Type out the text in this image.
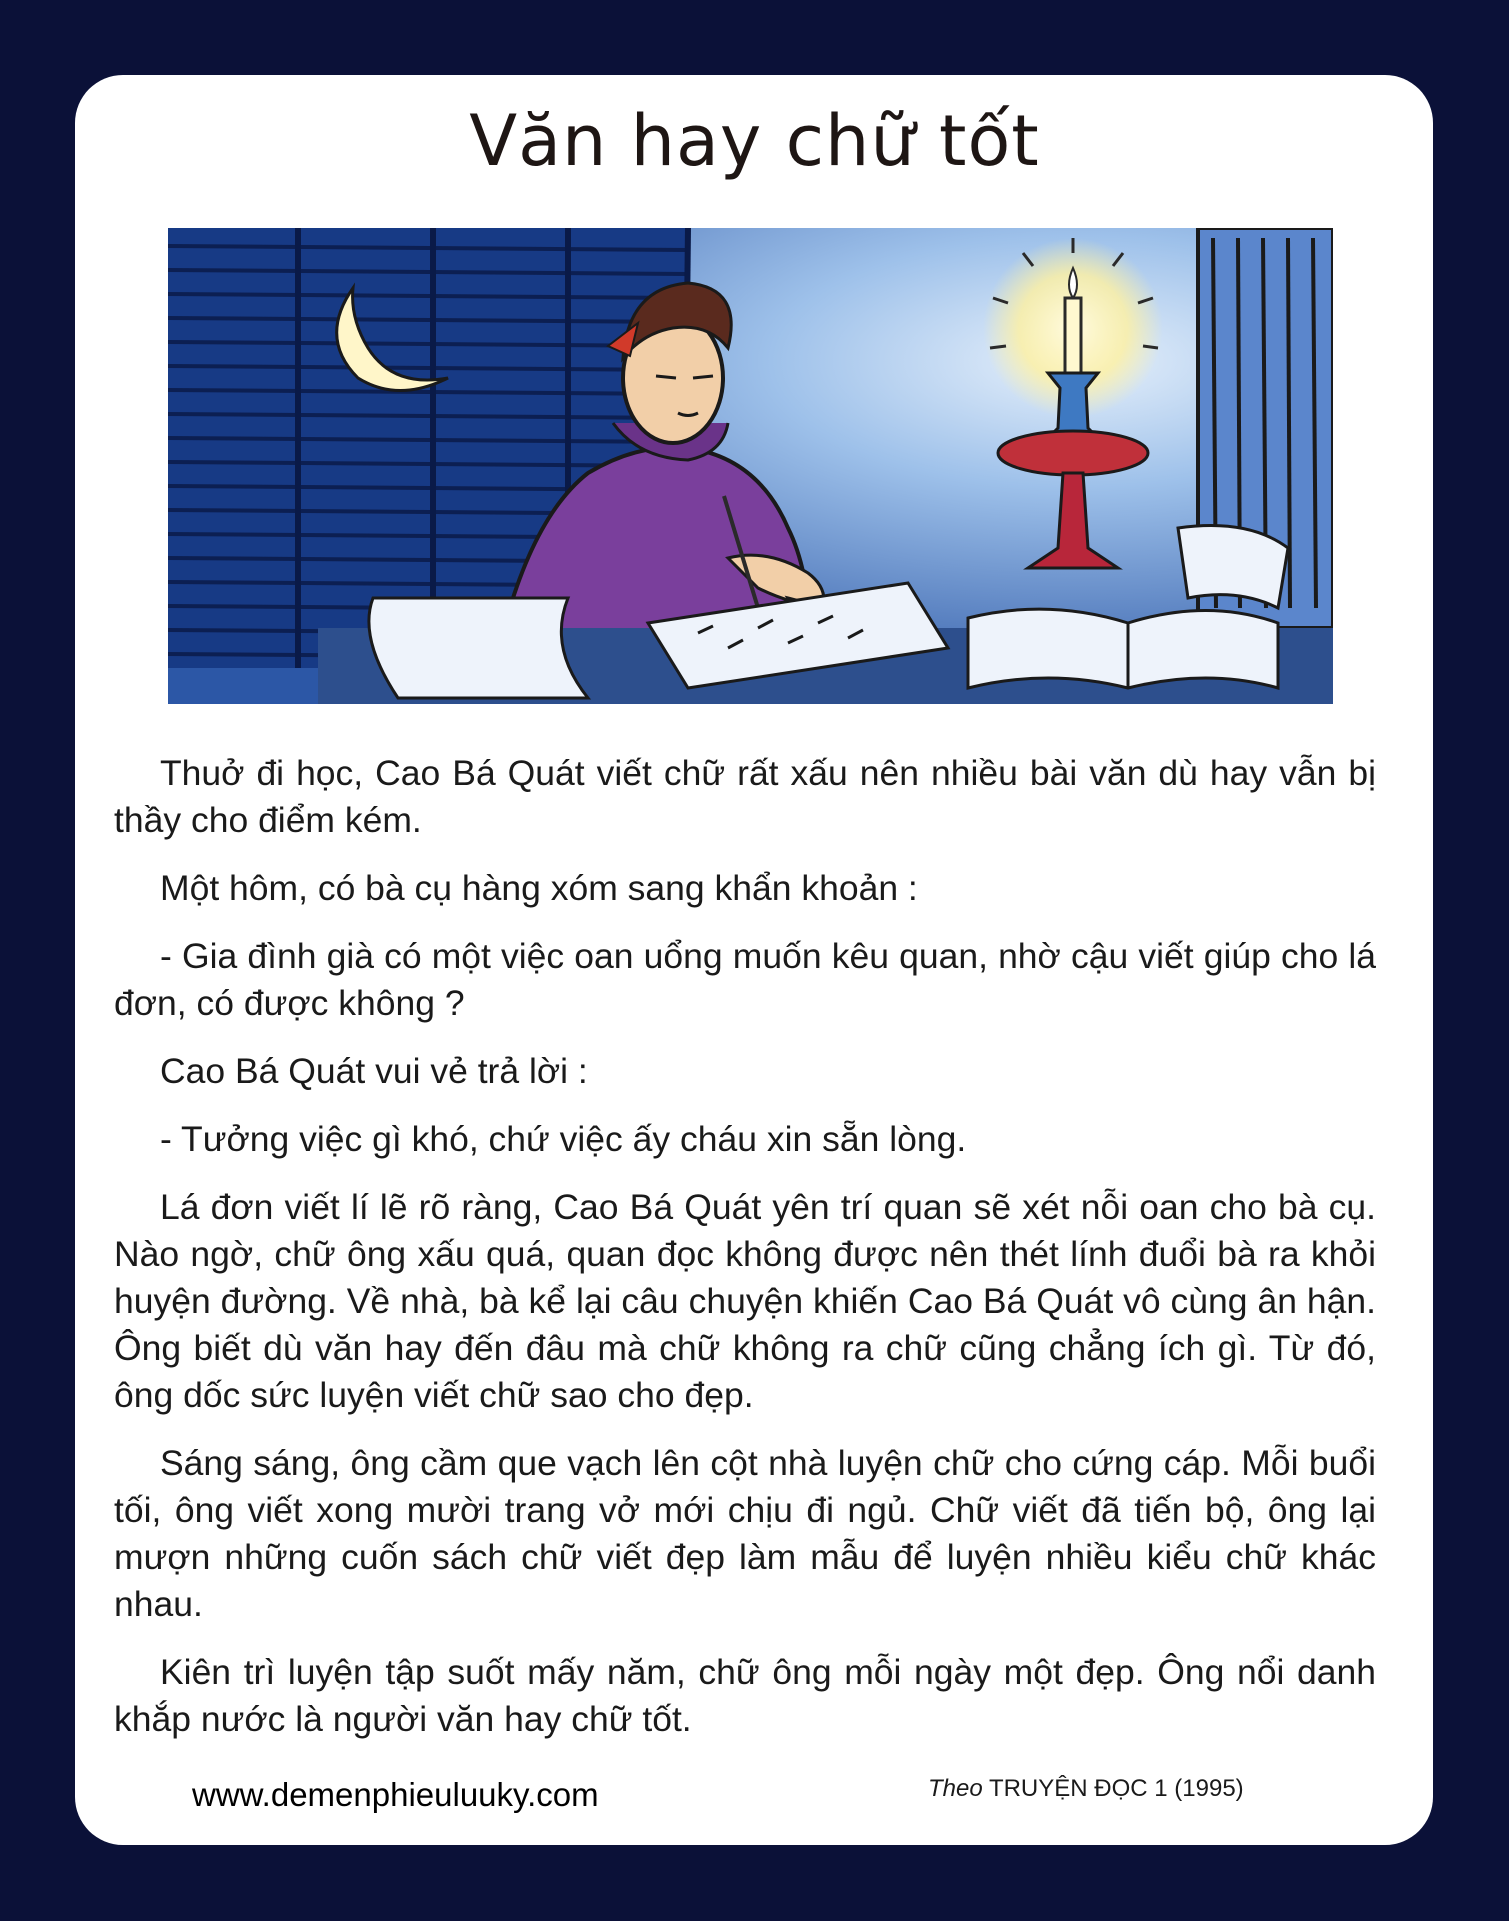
Văn hay chữ tốt

Thuở đi học, Cao Bá Quát viết chữ rất xấu nên nhiều bài văn dù hay vẫn bị thầy cho điểm kém.

Một hôm, có bà cụ hàng xóm sang khẩn khoản :

- Gia đình già có một việc oan uổng muốn kêu quan, nhờ cậu viết giúp cho lá đơn, có được không ?

Cao Bá Quát vui vẻ trả lời :

- Tưởng việc gì khó, chứ việc ấy cháu xin sẵn lòng.

Lá đơn viết lí lẽ rõ ràng, Cao Bá Quát yên trí quan sẽ xét nỗi oan cho bà cụ. Nào ngờ, chữ ông xấu quá, quan đọc không được nên thét lính đuổi bà ra khỏi huyện đường. Về nhà, bà kể lại câu chuyện khiến Cao Bá Quát vô cùng ân hận. Ông biết dù văn hay đến đâu mà chữ không ra chữ cũng chẳng ích gì. Từ đó, ông dốc sức luyện viết chữ sao cho đẹp.

Sáng sáng, ông cầm que vạch lên cột nhà luyện chữ cho cứng cáp. Mỗi buổi tối, ông viết xong mười trang vở mới chịu đi ngủ. Chữ viết đã tiến bộ, ông lại mượn những cuốn sách chữ viết đẹp làm mẫu để luyện nhiều kiểu chữ khác nhau.

Kiên trì luyện tập suốt mấy năm, chữ ông mỗi ngày một đẹp. Ông nổi danh khắp nước là người văn hay chữ tốt.

www.demenphieuluuky.com	Theo TRUYỆN ĐỌC 1 (1995)
